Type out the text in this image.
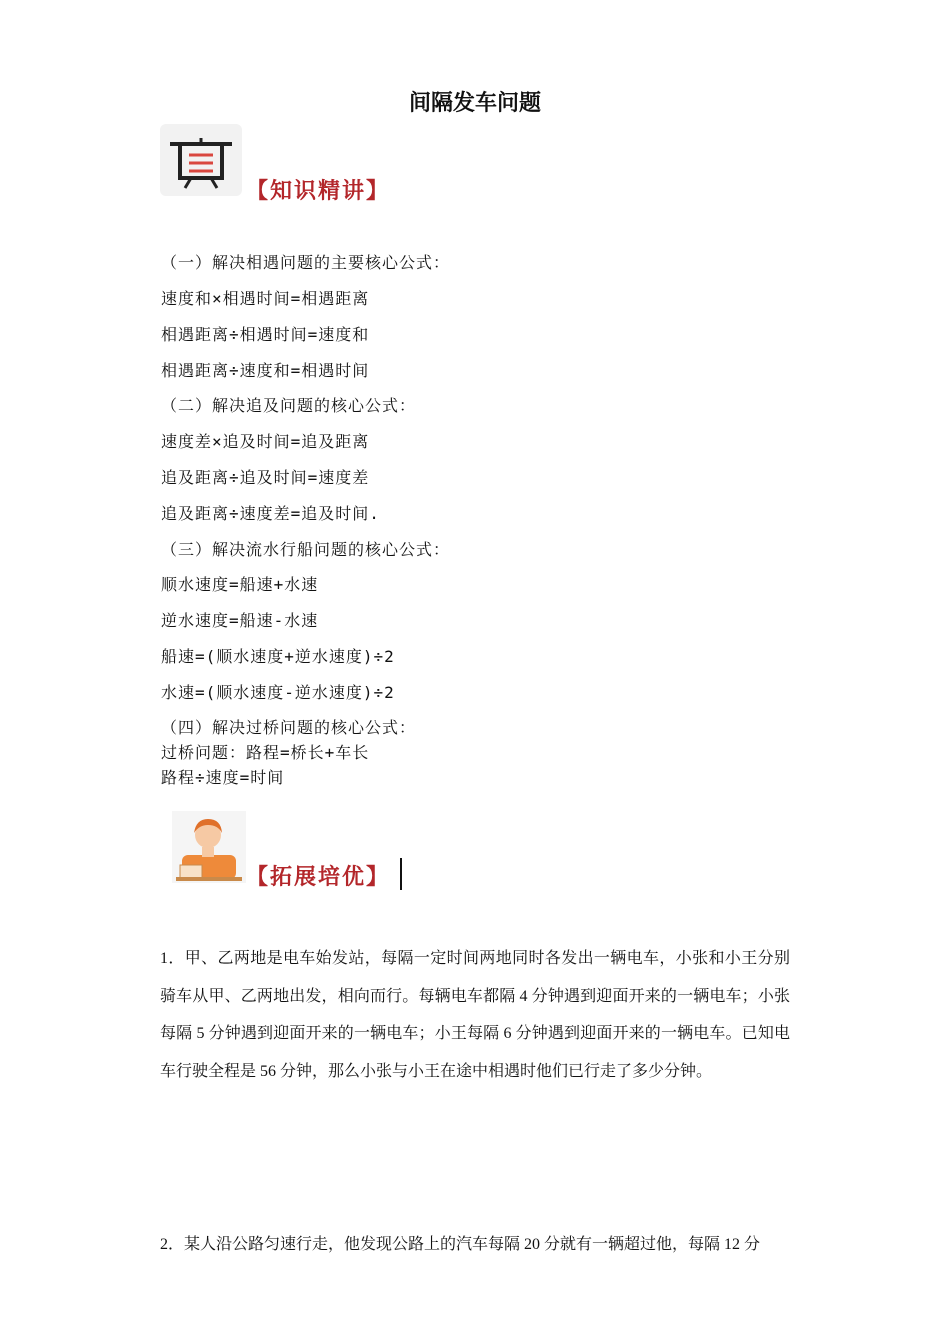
间隔发车问题
【知识精讲】
（一）解决相遇问题的主要核心公式：
速度和×相遇时间=相遇距离
相遇距离÷相遇时间=速度和
相遇距离÷速度和=相遇时间
（二）解决追及问题的核心公式：
速度差×追及时间=追及距离
追及距离÷追及时间=速度差
追及距离÷速度差=追及时间.
（三）解决流水行船问题的核心公式：
顺水速度=船速+水速
逆水速度=船速-水速
船速=(顺水速度+逆水速度)÷2
水速=(顺水速度-逆水速度)÷2
（四）解决过桥问题的核心公式：
过桥问题：路程=桥长+车长
路程÷速度=时间
【拓展培优】
1．甲、乙两地是电车始发站，每隔一定时间两地同时各发出一辆电车，小张和小王分别骑车从甲、乙两地出发，相向而行。每辆电车都隔 4 分钟遇到迎面开来的一辆电车；小张每隔 5 分钟遇到迎面开来的一辆电车；小王每隔 6 分钟遇到迎面开来的一辆电车。已知电车行驶全程是 56 分钟，那么小张与小王在途中相遇时他们已行走了多少分钟。
2．某人沿公路匀速行走，他发现公路上的汽车每隔 20 分就有一辆超过他，每隔 12 分
